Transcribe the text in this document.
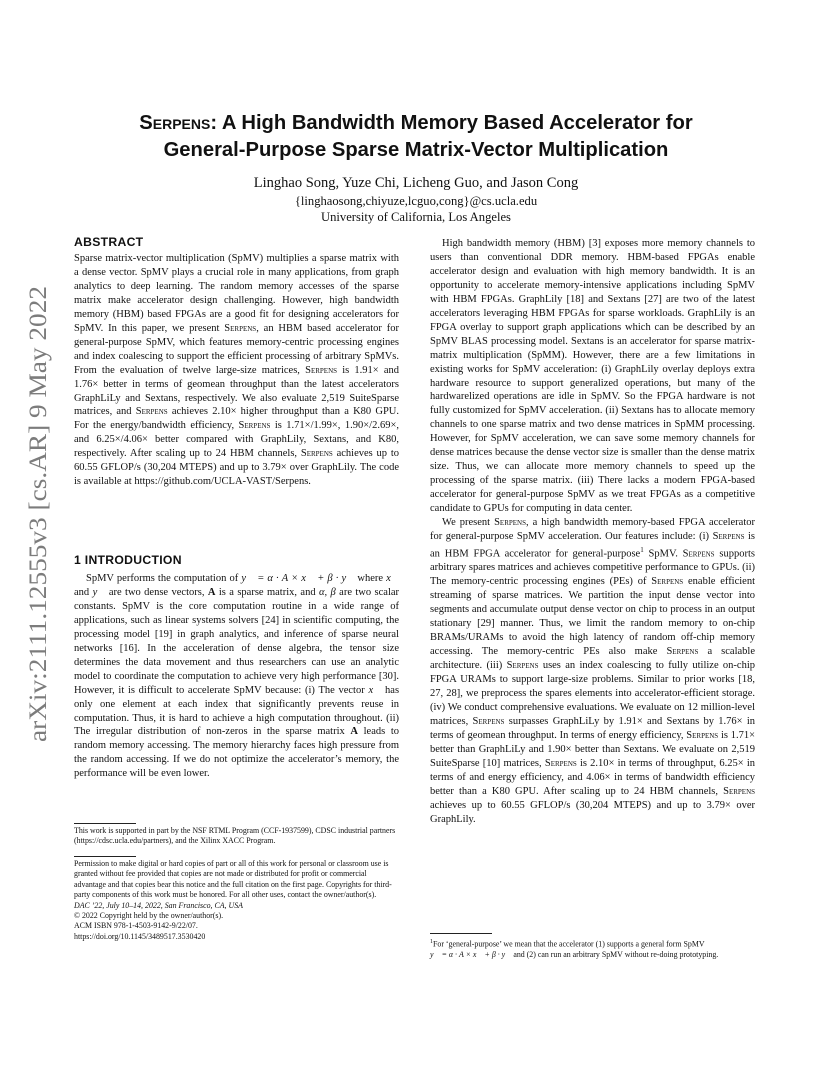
arXiv:2111.12555v3 [cs.AR] 9 May 2022
Serpens: A High Bandwidth Memory Based Accelerator for
General-Purpose Sparse Matrix-Vector Multiplication
Linghao Song, Yuze Chi, Licheng Guo, and Jason Cong
{linghaosong,chiyuze,lcguo,cong}@cs.ucla.edu
University of California, Los Angeles
ABSTRACT

Sparse matrix-vector multiplication (SpMV) multiplies a sparse matrix with a dense vector. SpMV plays a crucial role in many applications, from graph analytics to deep learning. The random memory accesses of the sparse matrix make accelerator design challenging. However, high bandwidth memory (HBM) based FPGAs are a good fit for designing accelerators for SpMV. In this paper, we present Serpens, an HBM based accelerator for general-purpose SpMV, which features memory-centric processing engines and index coalescing to support the efficient processing of arbitrary SpMVs. From the evaluation of twelve large-size matrices, Serpens is 1.91× and 1.76× better in terms of geomean throughput than the latest accelerators GraphLiLy and Sextans, respectively. We also evaluate 2,519 SuiteSparse matrices, and Serpens achieves 2.10× higher throughput than a K80 GPU. For the energy/bandwidth efficiency, Serpens is 1.71×/1.99×, 1.90×/2.69×, and 6.25×/4.06× better compared with GraphLily, Sextans, and K80, respectively. After scaling up to 24 HBM channels, Serpens achieves up to 60.55 GFLOP/s (30,204 MTEPS) and up to 3.79× over GraphLily. The code is available at https://github.com/UCLA-VAST/Serpens.

1 INTRODUCTION

SpMV performs the computation of y⃗ = α · A × x⃗ + β · y⃗ where x⃗ and y⃗ are two dense vectors, A is a sparse matrix, and α, β are two scalar constants. SpMV is the core computation routine in a wide range of applications, such as linear systems solvers [24] in scientific computing, the processing model [19] in graph analytics, and inference of sparse neural networks [16]. In the acceleration of dense algebra, the tensor size determines the data movement and thus researchers can use an analytic model to coordinate the computation to achieve very high performance [30]. However, it is difficult to accelerate SpMV because: (i) The vector x⃗ has only one element at each index that significantly prevents reuse in computation. Thus, it is hard to achieve a high computation throughout. (ii) The irregular distribution of non-zeros in the sparse matrix A leads to random memory accessing. The memory hierarchy faces high pressure from the random accessing. If we do not optimize the accelerator’s memory, the performance will be even lower.

This work is supported in part by the NSF RTML Program (CCF-1937599), CDSC industrial partners (https://cdsc.ucla.edu/partners), and the Xilinx XACC Program.

Permission to make digital or hard copies of part or all of this work for personal or classroom use is granted without fee provided that copies are not made or distributed for profit or commercial advantage and that copies bear this notice and the full citation on the first page. Copyrights for third-party components of this work must be honored. For all other uses, contact the owner/author(s).

DAC ’22, July 10–14, 2022, San Francisco, CA, USA

© 2022 Copyright held by the owner/author(s).

ACM ISBN 978-1-4503-9142-9/22/07.

https://doi.org/10.1145/3489517.3530420

High bandwidth memory (HBM) [3] exposes more memory channels to users than conventional DDR memory. HBM-based FPGAs enable accelerator design and evaluation with high memory bandwidth. It is an opportunity to accelerate memory-intensive applications including SpMV with HBM FPGAs. GraphLily [18] and Sextans [27] are two of the latest accelerators leveraging HBM FPGAs for sparse workloads. GraphLily is an FPGA overlay to support graph applications which can be described by an SpMV BLAS processing model. Sextans is an accelerator for sparse matrix-matrix multiplication (SpMM). However, there are a few limitations in existing works for SpMV acceleration: (i) GraphLily overlay deploys extra hardware resource to support generalized operations, but many of the hardwarelized operations are idle in SpMV. So the FPGA hardware is not fully customized for SpMV acceleration. (ii) Sextans has to allocate memory channels to one sparse matrix and two dense matrices in SpMM processing. However, for SpMV acceleration, we can save some memory channels for dense matrices because the dense vector size is smaller than the dense matrix size. Thus, we can allocate more memory channels to speed up the processing of the sparse matrix. (iii) There lacks a modern FPGA-based accelerator for general-purpose SpMV as we treat FPGAs as a competitive candidate to GPUs for computing in data center.

We present Serpens, a high bandwidth memory-based FPGA accelerator for general-purpose SpMV acceleration. Our features include: (i) Serpens is an HBM FPGA accelerator for general-purpose$^1$ SpMV. Serpens supports arbitrary spares matrices and achieves competitive performance to GPUs. (ii) The memory-centric processing engines (PEs) of Serpens enable efficient streaming of sparse matrices. We partition the input dense vector into segments and accumulate output dense vector on chip to process in an output stationary [29] manner. Thus, we limit the random memory to on-chip BRAMs/URAMs to avoid the high latency of random off-chip memory accessing. The memory-centric PEs also make Serpens a scalable architecture. (iii) Serpens uses an index coalescing to fully utilize on-chip FPGA URAMs to support large-size problems. Similar to prior works [18, 27, 28], we preprocess the spares elements into accelerator-efficient storage. (iv) We conduct comprehensive evaluations. We evaluate on 12 million-level matrices, Serpens surpasses GraphLiLy by 1.91× and Sextans by 1.76× in terms of geomean throughput. In terms of energy efficiency, Serpens is 1.71× better than GraphLiLy and 1.90× better than Sextans. We evaluate on 2,519 SuiteSparse [10] matrices, Serpens is 2.10× in terms of throughput, 6.25× in terms of and energy efficiency, and 4.06× in terms of bandwidth efficiency better than a K80 GPU. After scaling up to 24 HBM channels, Serpens achieves up to 60.55 GFLOP/s (30,204 MTEPS) and up to 3.79× over GraphLily.

$^1$For ‘general-purpose’ we mean that the accelerator (1) supports a general form SpMV

y⃗ = α · A × x⃗ + β · y⃗ and (2) can run an arbitrary SpMV without re-doing prototyping.
